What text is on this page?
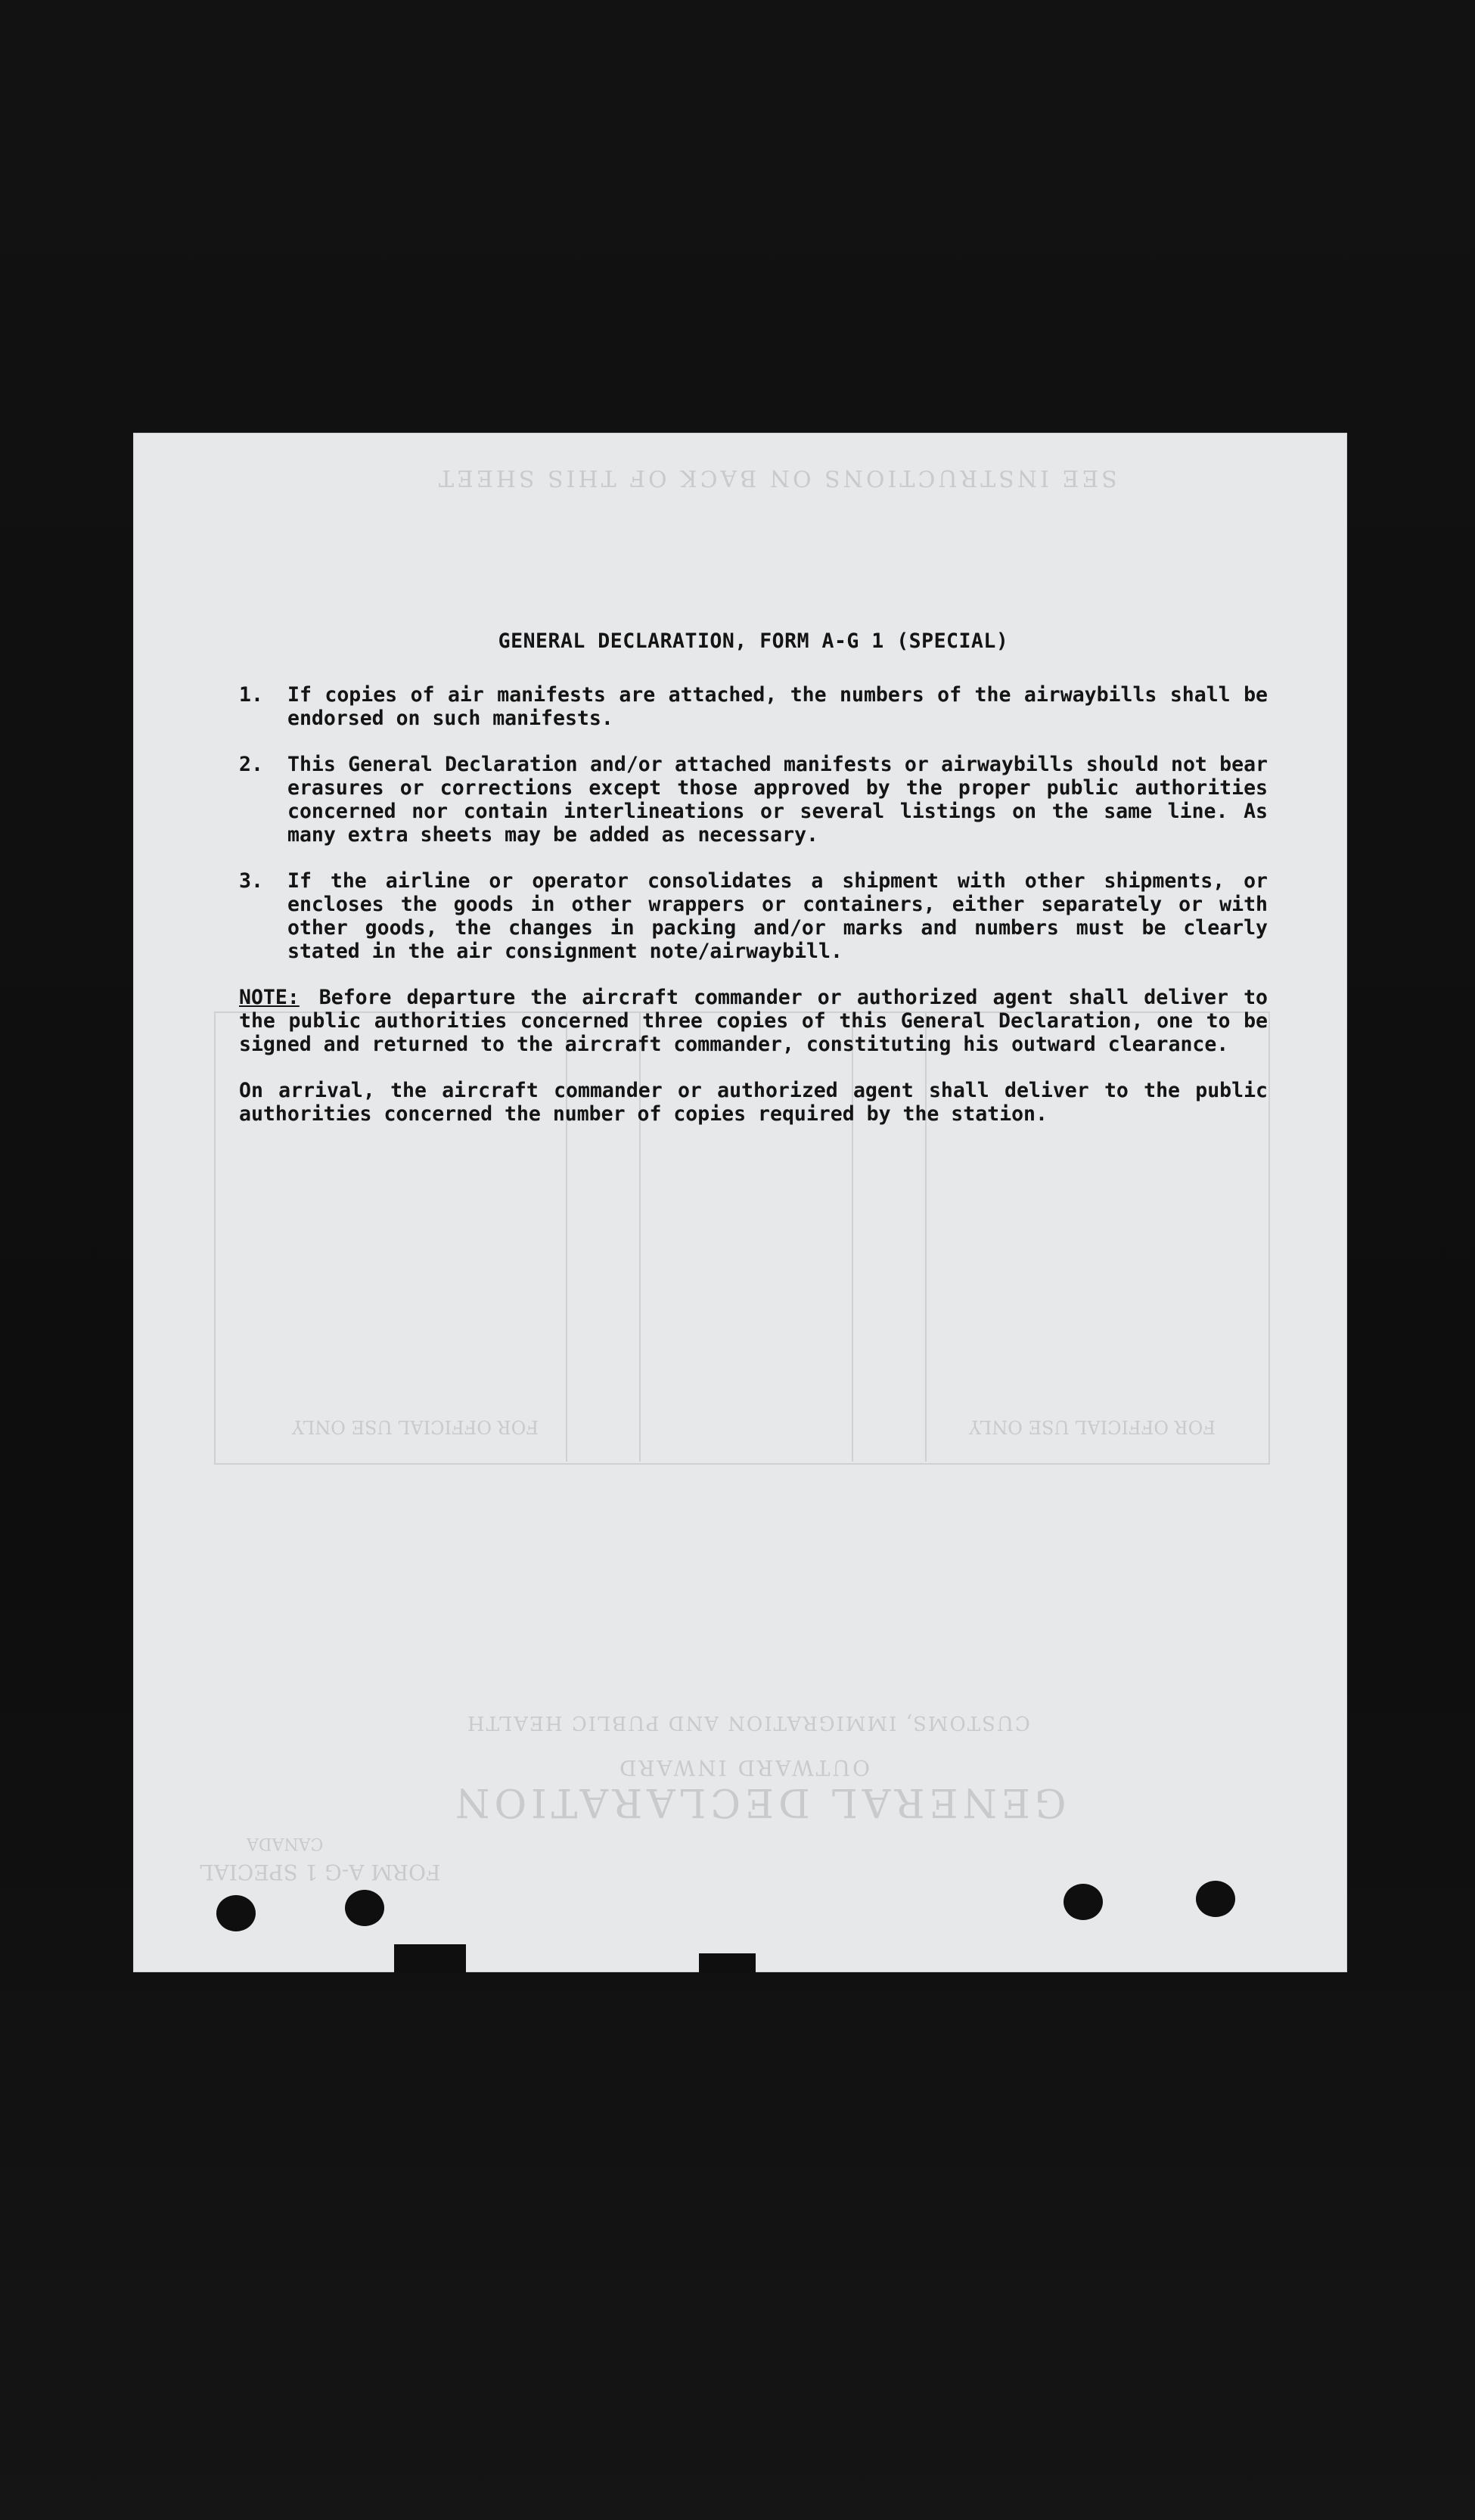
SEE INSTRUCTIONS ON BACK OF THIS SHEET
GENERAL DECLARATION
OUTWARD INWARD
CUSTOMS, IMMIGRATION AND PUBLIC HEALTH
FORM A-G 1 SPECIAL
CANADA
FOR OFFICIAL USE ONLY	FOR OFFICIAL USE ONLY
GENERAL DECLARATION, FORM A-G 1 (SPECIAL)
1.	If copies of air manifests are attached, the numbers of the airwaybills shall be endorsed on such manifests.
2.	This General Declaration and/or attached manifests or airwaybills should not bear erasures or corrections except those approved by the proper public authorities concerned nor contain interlineations or several listings on the same line. As many extra sheets may be added as necessary.
3.	If the airline or operator consolidates a shipment with other shipments, or encloses the goods in other wrappers or containers, either separately or with other goods, the changes in packing and/or marks and numbers must be clearly stated in the air consignment note/airwaybill.
NOTE: Before departure the aircraft commander or authorized agent shall deliver to the public authorities concerned three copies of this General Declaration, one to be signed and returned to the aircraft commander, constituting his outward clearance.
On arrival, the aircraft commander or authorized agent shall deliver to the public authorities concerned the number of copies required by the station.
